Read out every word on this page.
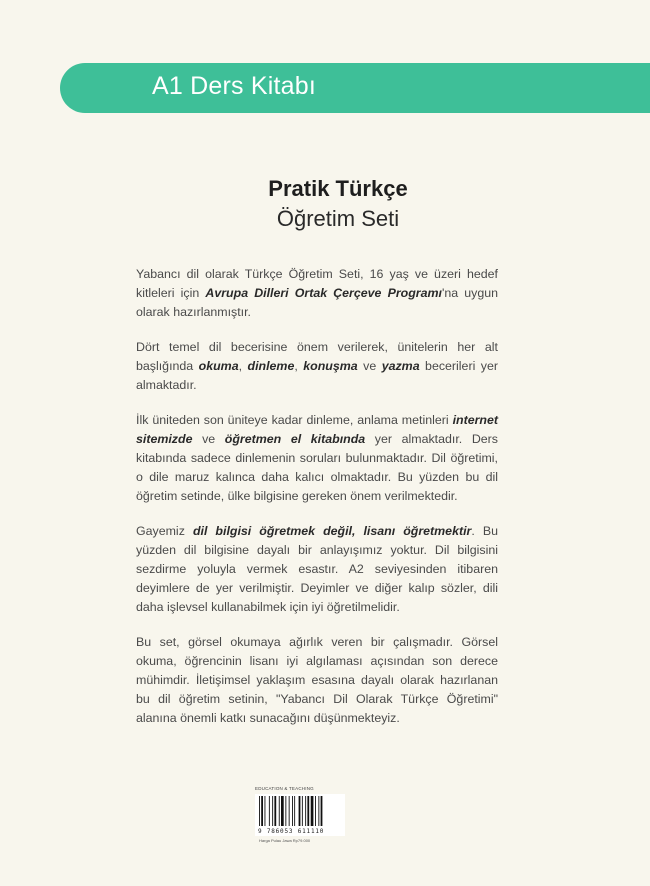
A1 Ders Kitabı
Pratik Türkçe
Öğretim Seti

Yabancı dil olarak Türkçe Öğretim Seti, 16 yaş ve üzeri hedef kitleleri için Avrupa Dilleri Ortak Çerçeve Programı'na uygun olarak hazırlanmıştır.

Dört temel dil becerisine önem verilerek, ünitelerin her alt başlığında okuma, dinleme, konuşma ve yazma becerileri yer almaktadır.

İlk üniteden son üniteye kadar dinleme, anlama metinleri internet sitemizde ve öğretmen el kitabında yer almaktadır. Ders kitabında sadece dinlemenin soruları bulunmaktadır. Dil öğretimi, o dile maruz kalınca daha kalıcı olmaktadır. Bu yüzden bu dil öğretim setinde, ülke bilgisine gereken önem verilmektedir.

Gayemiz dil bilgisi öğretmek değil, lisanı öğretmektir. Bu yüzden dil bilgisine dayalı bir anlayışımız yoktur. Dil bilgisini sezdirme yoluyla vermek esastır. A2 seviyesinden itibaren deyimlere de yer verilmiştir. Deyimler ve diğer kalıp sözler, dili daha işlevsel kullanabilmek için iyi öğretilmelidir.

Bu set, görsel okumaya ağırlık veren bir çalışmadır. Görsel okuma, öğrencinin lisanı iyi algılaması açısından son derece mühimdir. İletişimsel yaklaşım esasına dayalı olarak hazırlanan bu dil öğretim setinin, "Yabancı Dil Olarak Türkçe Öğretimi" alanına önemli katkı sunacağını düşünmekteyiz.

EDUCATION & TEACHING
9 786053 611110
Harga Pulau Jawa Rp79.000
